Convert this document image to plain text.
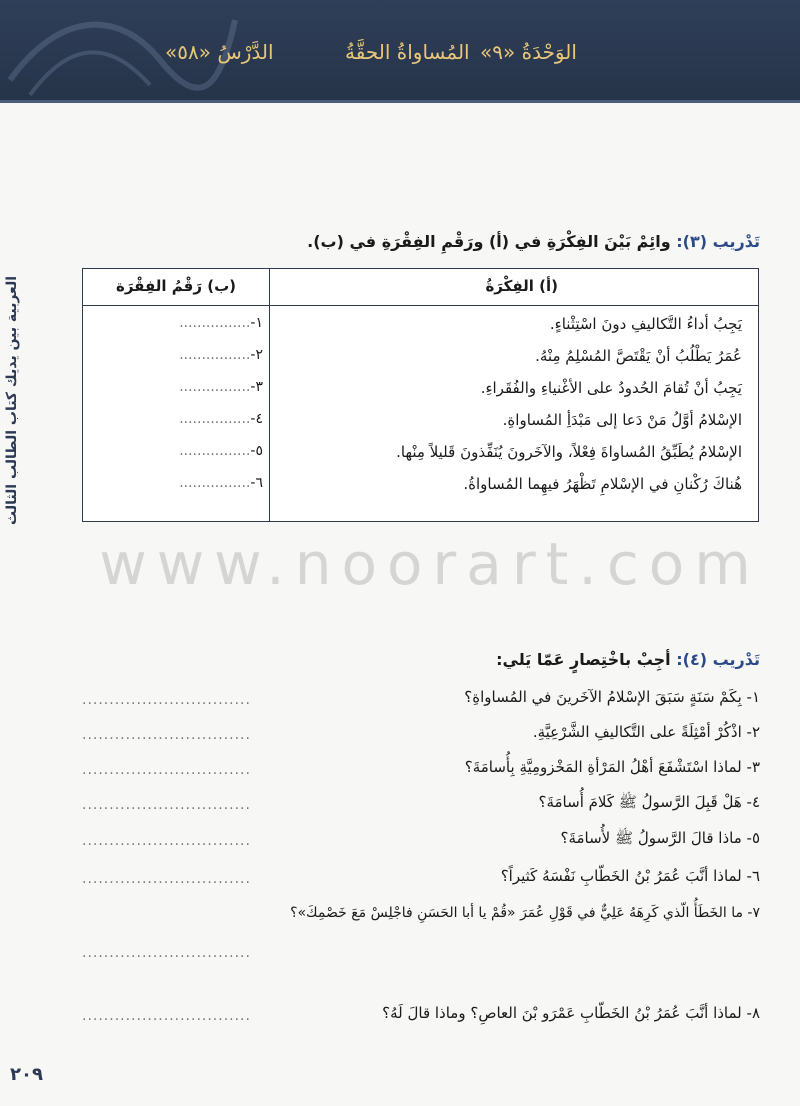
الوَحْدَةُ «٩»
المُساواةُ الحقَّةُ
الدَّرْسُ «٥٨»
العربية بين يديك كتاب الطالب الثالث
٢٠٩
تَدْريب (٣): وائِمْ بَيْنَ الفِكْرَةِ في (أ) ورَقْمِ الفِقْرَةِ في (ب).
(أ) الفِكْرَةُ
(ب) رَقْمُ الفِقْرَة
يَجِبُ أداءُ التَّكاليفِ دونَ اسْتِثْناءٍ.
عُمَرُ يَطْلُبُ أنْ يَقْتَصَّ المُسْلِمُ مِنْهُ.
يَجِبُ أنْ تُقامَ الحُدودُ على الأغْنياءِ والفُقَراءِ.
الإسْلامُ أوَّلُ مَنْ دَعا إلى مَبْدَأِ المُساواةِ.
الإسْلامُ يُطَبِّقُ المُساواةَ فِعْلاً، والآخَرونَ يُنَفِّذونَ قَليلاً مِنْها.
هُناكَ رُكْنانِ في الإسْلامِ تَظْهَرُ فيهِما المُساواةُ.
١-................
٢-................
٣-................
٤-................
٥-................
٦-................
www.noorart.com
تَدْريب (٤): أجِبْ باخْتِصارٍ عَمّا يَلي:
١- بِكَمْ سَنَةٍ سَبَقَ الإسْلامُ الآخَرينَ في المُساواةِ؟
...............................
٢- اذْكُرْ أمْثِلَةً على التَّكاليفِ الشَّرْعِيَّةِ.
...............................
٣- لماذا اسْتَشْفَعَ أهْلُ المَرْأةِ المَخْزومِيَّةِ بِأُسامَةَ؟
...............................
٤- هَلْ قَبِلَ الرَّسولُ ﷺ كَلامَ أُسامَةَ؟
...............................
٥- ماذا قالَ الرَّسولُ ﷺ لأُسامَةَ؟
...............................
٦- لماذا أنَّبَ عُمَرُ بْنُ الخَطّابِ نَفْسَهُ كَثيراً؟
...............................
٧- ما الخَطَأُ الّذي كَرِهَهُ عَلِيٌّ في قَوْلِ عُمَرَ «قُمْ يا أبا الحَسَنِ فاجْلِسْ مَعَ خَصْمِكَ»؟
...............................
٨- لماذا أنَّبَ عُمَرُ بْنُ الخَطّابِ عَمْرَو بْنَ العاصِ؟ وماذا قالَ لَهُ؟
...............................
